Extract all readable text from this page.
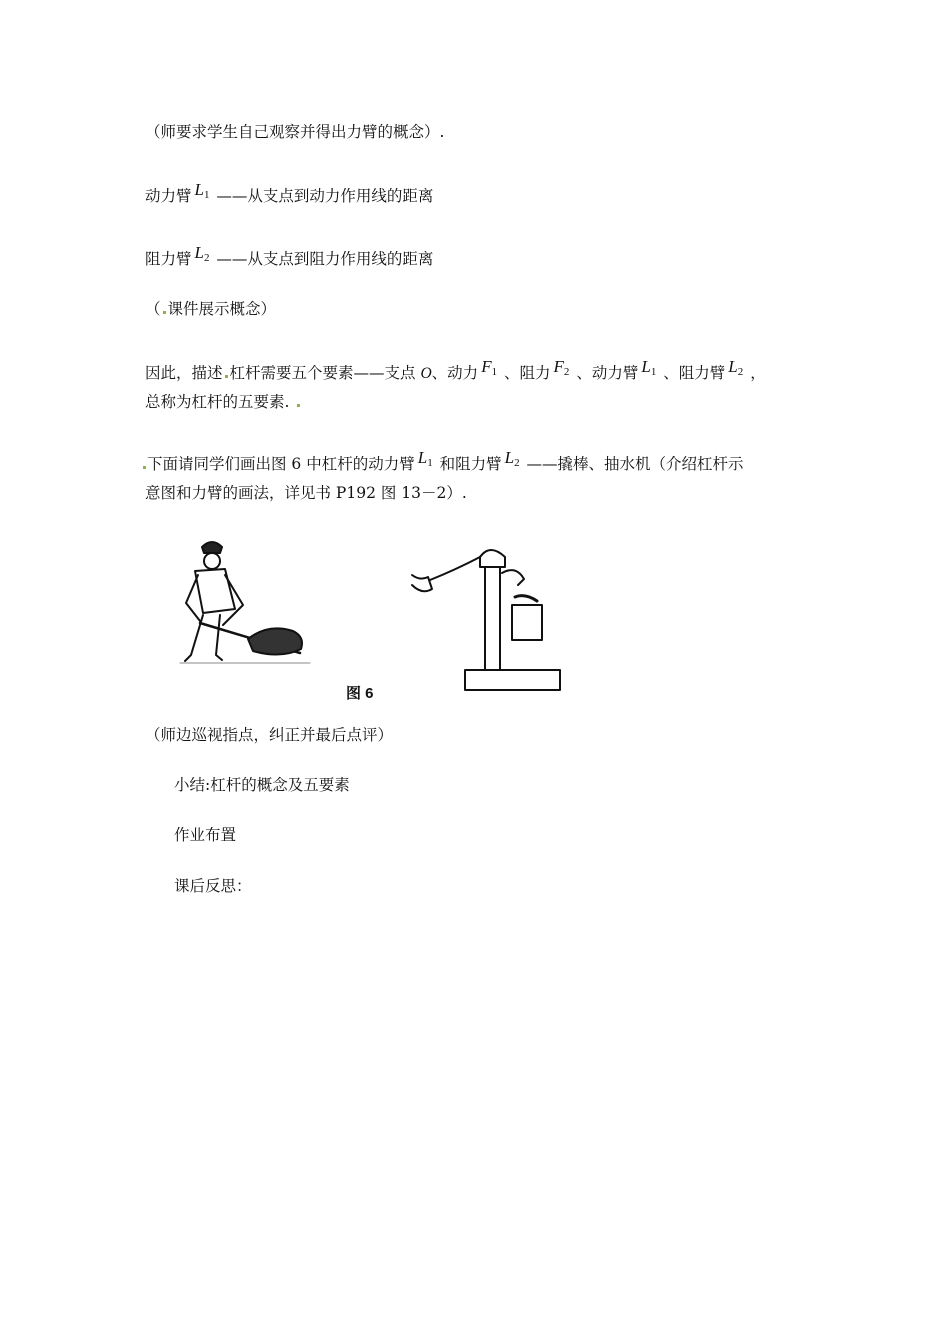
（师要求学生自己观察并得出力臂的概念）.
动力臂 $L_1$ ——从支点到动力作用线的距离
阻力臂 $L_2$ ——从支点到阻力作用线的距离
（ 课件展示概念）
因此，描述 杠杆需要五个要素——支点 O、动力 $F_1$ 、阻力 $F_2$ 、动力臂 $L_1$ 、阻力臂 $L_2$ ，
总称为杠杆的五要素.
下面请同学们画出图 6 中杠杆的动力臂 $L_1$ 和阻力臂 $L_2$ ——撬棒、抽水机（介绍杠杆示
意图和力臂的画法，详见书 P192 图 13－2）.
图 6
（师边巡视指点，纠正并最后点评）
小结:杠杆的概念及五要素
作业布置
课后反思：
